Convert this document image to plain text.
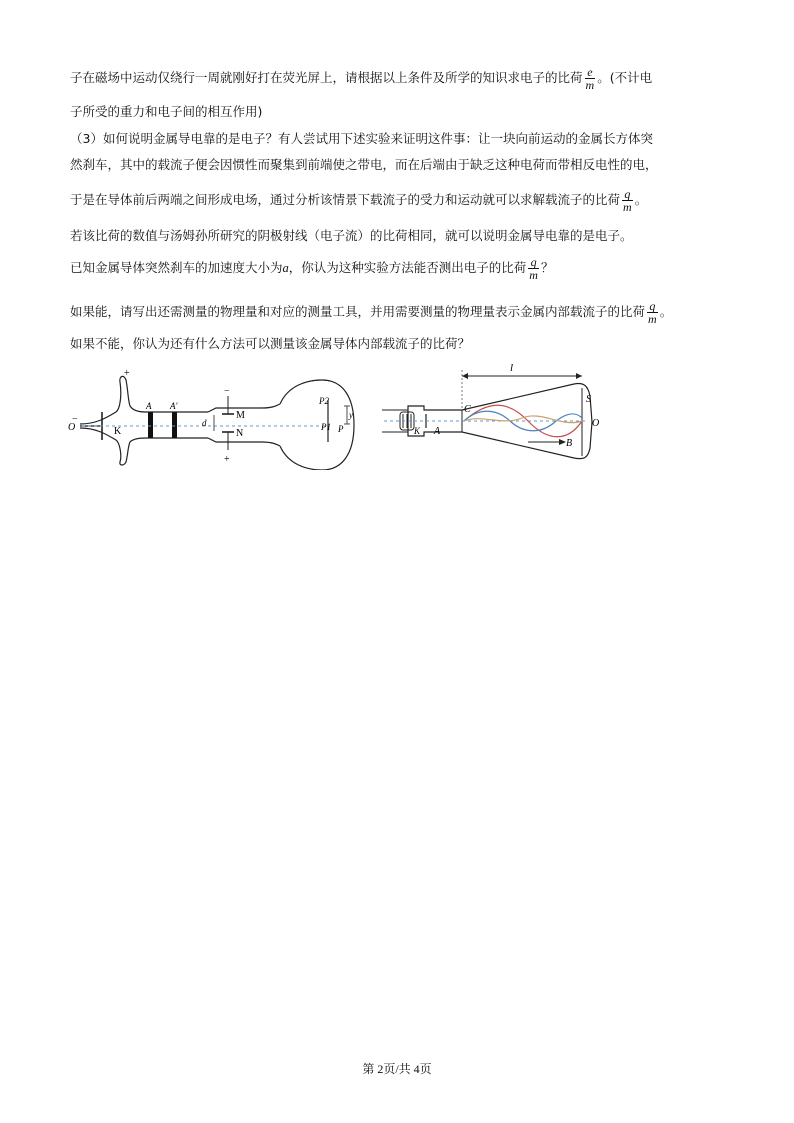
子在磁场中运动仅绕行一周就刚好打在荧光屏上，请根据以上条件及所学的知识求电子的比荷 $\frac{e}{m}$ 。(不计电
子所受的重力和电子间的相互作用)
（3）如何说明金属导电靠的是电子？有人尝试用下述实验来证明这件事：让一块向前运动的金属长方体突
然刹车，其中的载流子便会因惯性而聚集到前端使之带电，而在后端由于缺乏这种电荷而带相反电性的电，
于是在导体前后两端之间形成电场，通过分析该情景下载流子的受力和运动就可以求解载流子的比荷 $\frac{q}{m}$ 。
若该比荷的数值与汤姆孙所研究的阴极射线（电子流）的比荷相同，就可以说明金属导电靠的是电子。
已知金属导体突然刹车的加速度大小为a，你认为这种实验方法能否测出电子的比荷 $\frac{q}{m}$ ？
如果能，请写出还需测量的物理量和对应的测量工具，并用需要测量的物理量表示金属内部载流子的比荷 $\frac{q}{m}$ 。
如果不能，你认为还有什么方法可以测量该金属导体内部载流子的比荷？
O	K
A A'
M
N
d
P2
P1 P
y
+
−
+
−
l
S
C
K A
O
B
第 2页/共 4页
